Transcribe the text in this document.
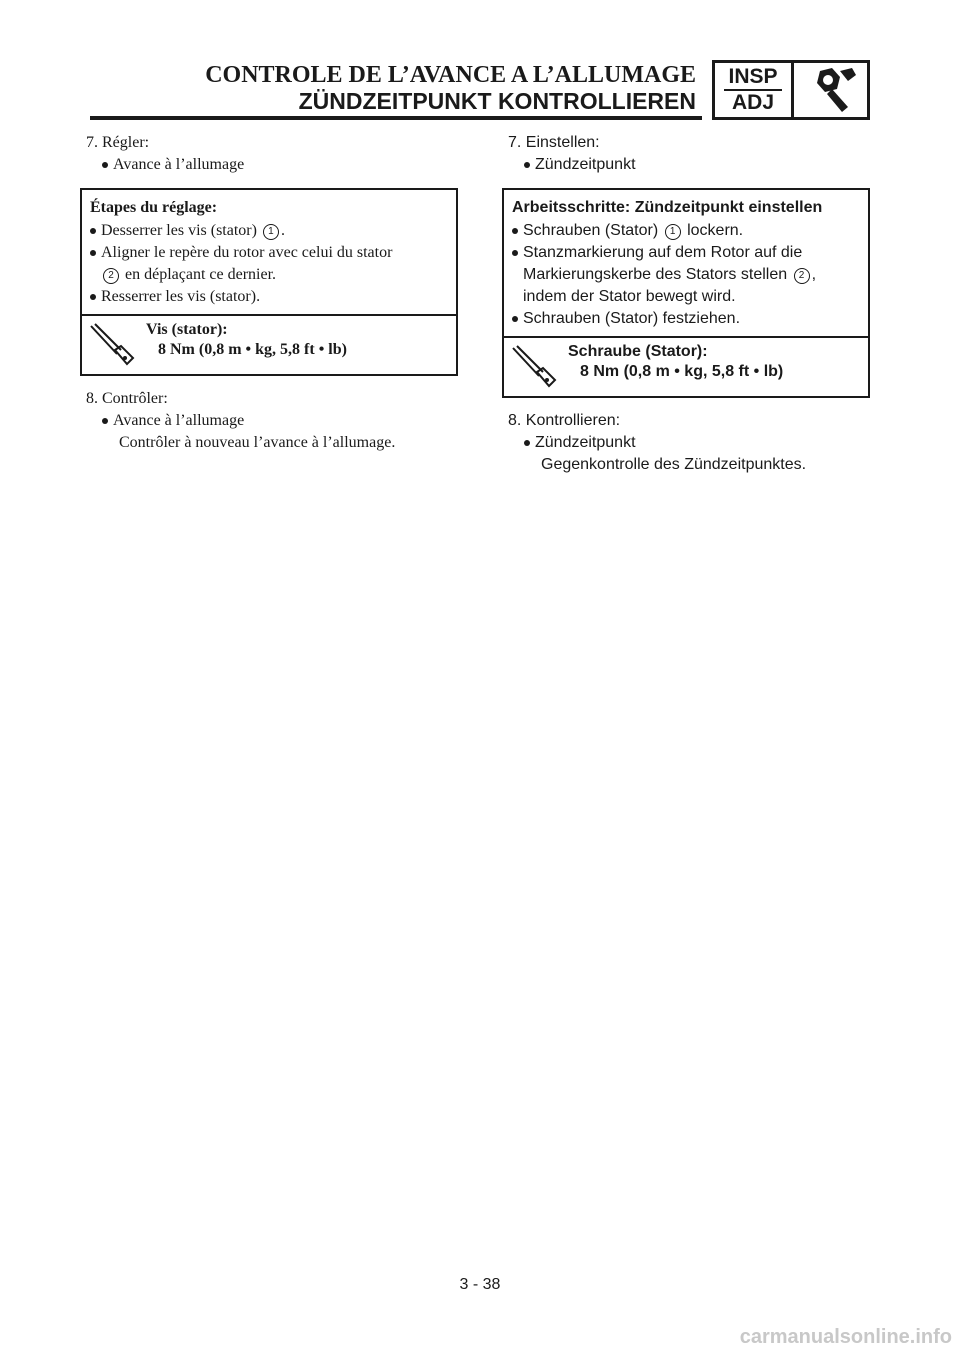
CONTROLE DE L’AVANCE A L’ALLUMAGE
ZÜNDZEITPUNKT KONTROLLIEREN
INSP
ADJ
7. Régler:
Avance à l’allumage
Étapes du réglage:
Desserrer les vis (stator) 1 .
Aligner le repère du rotor avec celui du stator
2 en déplaçant ce dernier.
Resserrer les vis (stator).
Vis (stator):
8 Nm (0,8 m • kg, 5,8 ft • lb)
8. Contrôler:
Avance à l’allumage
Contrôler à nouveau l’avance à l’allumage.
7. Einstellen:
Zündzeitpunkt
Arbeitsschritte: Zündzeitpunkt einstellen
Schrauben (Stator) 1 lockern.
Stanzmarkierung auf dem Rotor auf die
Markierungskerbe des Stators stellen 2 ,
indem der Stator bewegt wird.
Schrauben (Stator) festziehen.
Schraube (Stator):
8 Nm (0,8 m • kg, 5,8 ft • lb)
8. Kontrollieren:
Zündzeitpunkt
Gegenkontrolle des Zündzeitpunktes.
3 - 38
carmanualsonline.info
